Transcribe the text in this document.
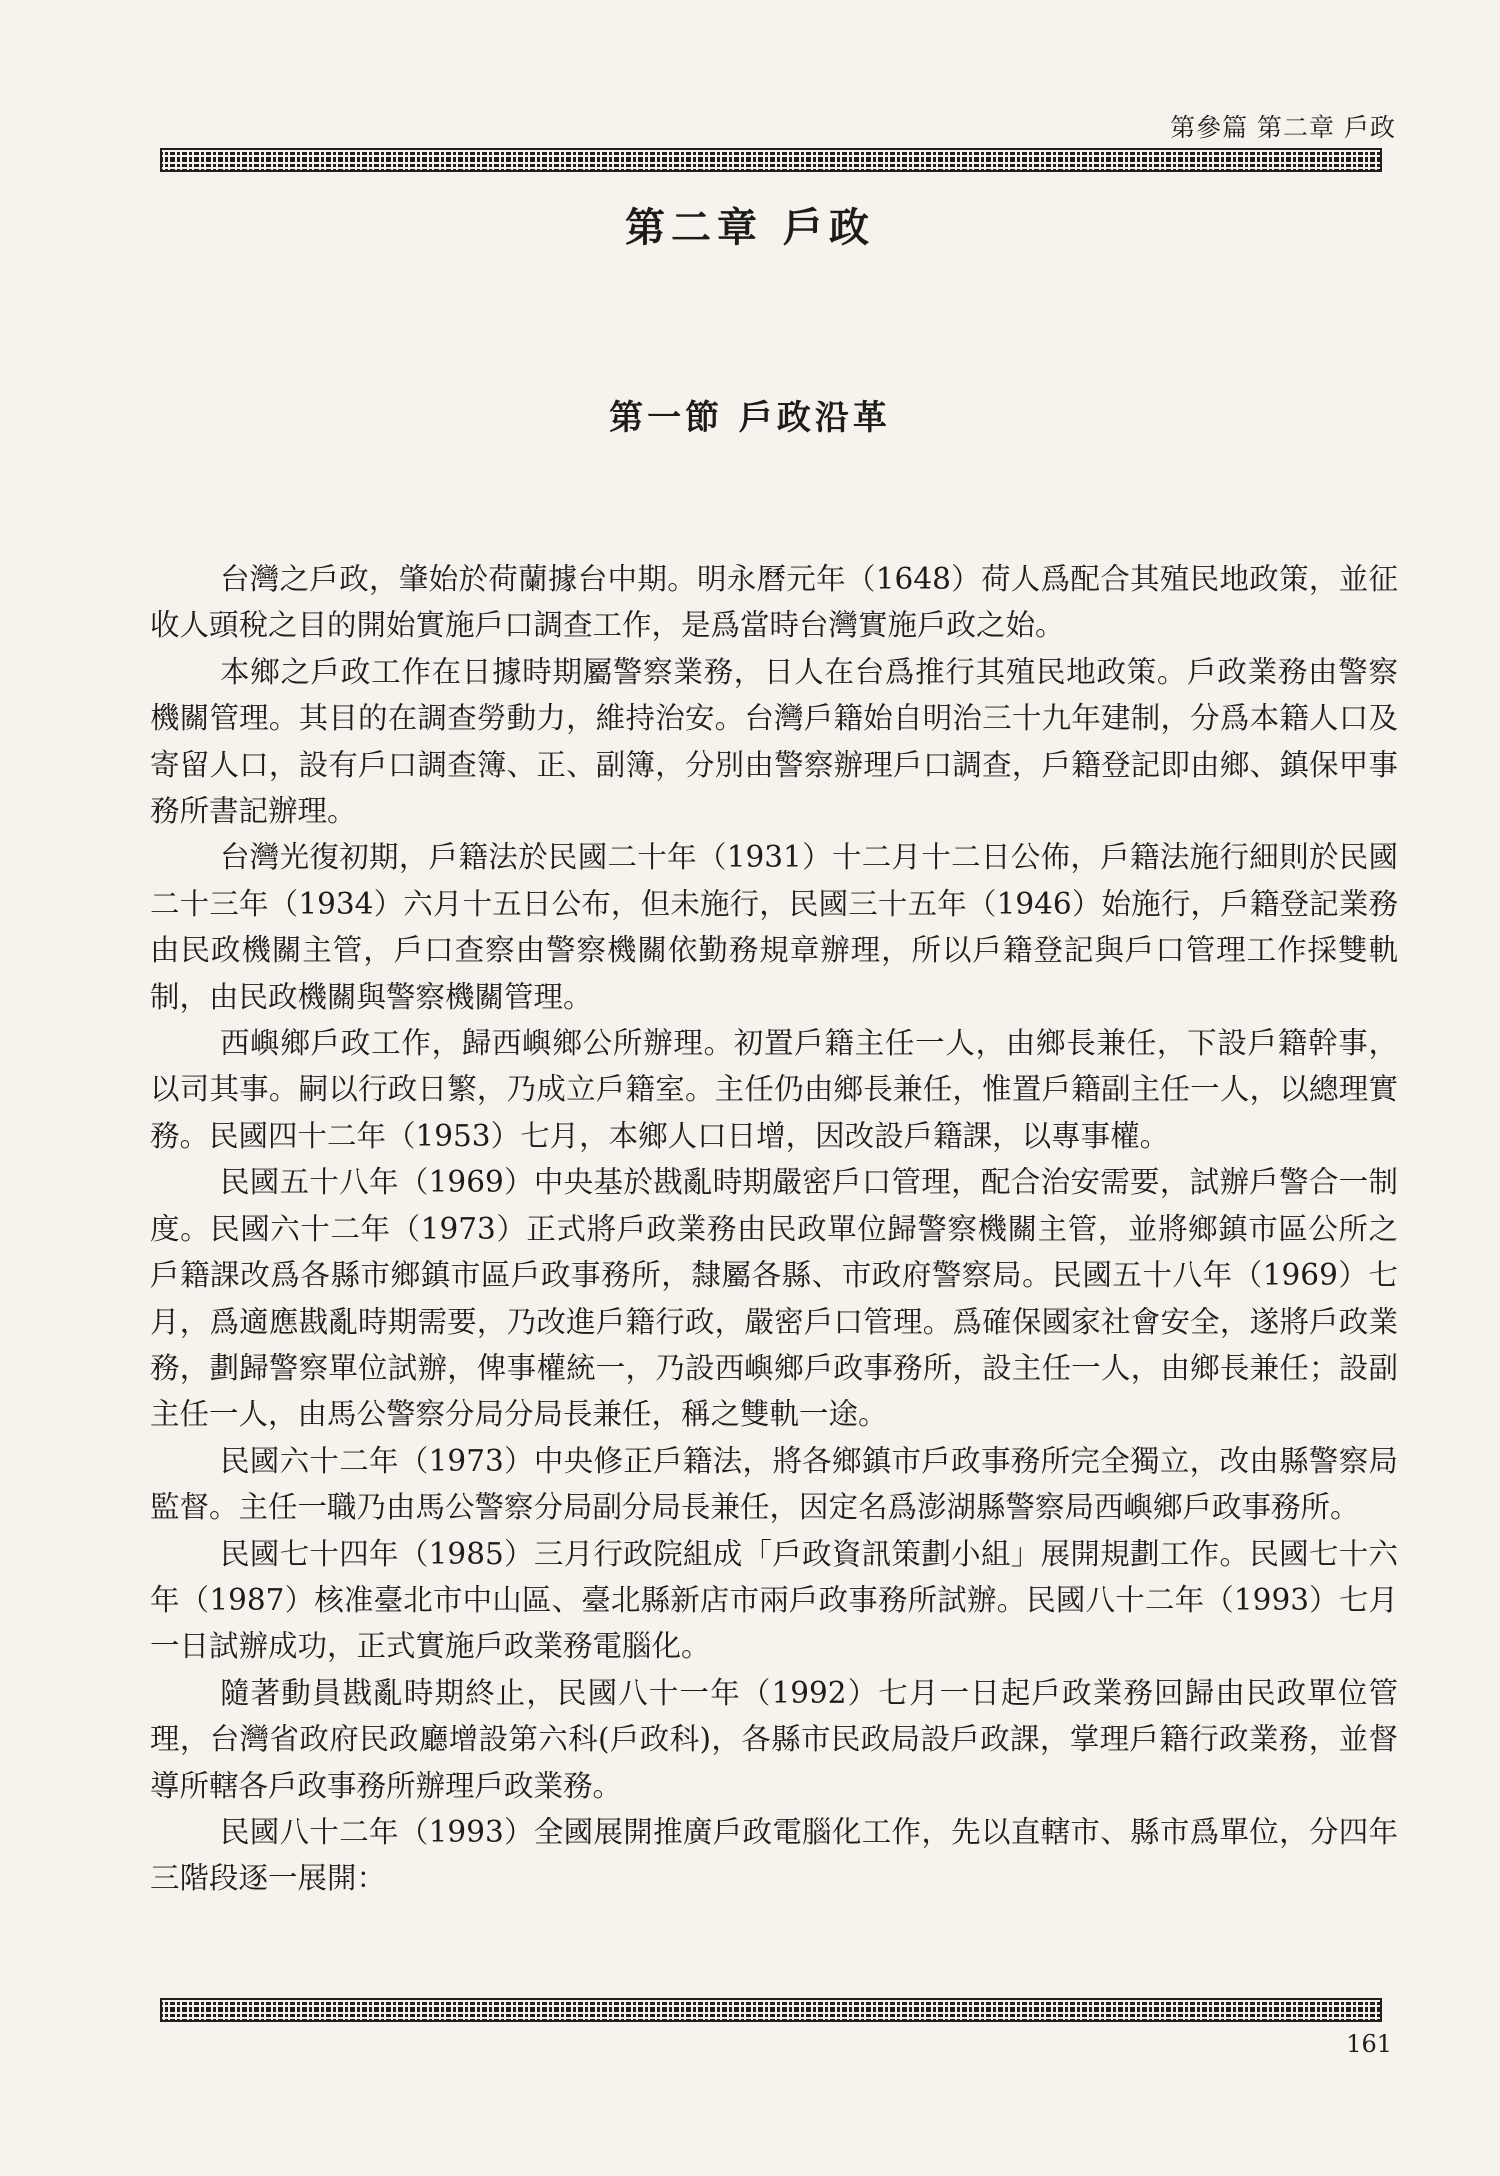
第參篇 第二章 戶政
第二章 戶政
第一節 戶政沿革

台灣之戶政，肇始於荷蘭據台中期。明永曆元年（1648）荷人爲配合其殖民地政策，並征收人頭稅之目的開始實施戶口調查工作，是爲當時台灣實施戶政之始。

本鄉之戶政工作在日據時期屬警察業務，日人在台爲推行其殖民地政策。戶政業務由警察機關管理。其目的在調查勞動力，維持治安。台灣戶籍始自明治三十九年建制，分爲本籍人口及寄留人口，設有戶口調查簿、正、副簿，分別由警察辦理戶口調查，戶籍登記即由鄉、鎮保甲事務所書記辦理。

台灣光復初期，戶籍法於民國二十年（1931）十二月十二日公佈，戶籍法施行細則於民國二十三年（1934）六月十五日公布，但未施行，民國三十五年（1946）始施行，戶籍登記業務由民政機關主管，戶口查察由警察機關依勤務規章辦理，所以戶籍登記與戶口管理工作採雙軌制，由民政機關與警察機關管理。

西嶼鄉戶政工作，歸西嶼鄉公所辦理。初置戶籍主任一人，由鄉長兼任，下設戶籍幹事，以司其事。嗣以行政日繁，乃成立戶籍室。主任仍由鄉長兼任，惟置戶籍副主任一人，以總理實務。民國四十二年（1953）七月，本鄉人口日增，因改設戶籍課，以專事權。

民國五十八年（1969）中央基於戡亂時期嚴密戶口管理，配合治安需要，試辦戶警合一制度。民國六十二年（1973）正式將戶政業務由民政單位歸警察機關主管，並將鄉鎮市區公所之戶籍課改爲各縣市鄉鎮市區戶政事務所，隸屬各縣、市政府警察局。民國五十八年（1969）七月，爲適應戡亂時期需要，乃改進戶籍行政，嚴密戶口管理。爲確保國家社會安全，遂將戶政業務，劃歸警察單位試辦，俾事權統一，乃設西嶼鄉戶政事務所，設主任一人，由鄉長兼任；設副主任一人，由馬公警察分局分局長兼任，稱之雙軌一途。

民國六十二年（1973）中央修正戶籍法，將各鄉鎮市戶政事務所完全獨立，改由縣警察局監督。主任一職乃由馬公警察分局副分局長兼任，因定名爲澎湖縣警察局西嶼鄉戶政事務所。

民國七十四年（1985）三月行政院組成「戶政資訊策劃小組」展開規劃工作。民國七十六年（1987）核准臺北市中山區、臺北縣新店市兩戶政事務所試辦。民國八十二年（1993）七月一日試辦成功，正式實施戶政業務電腦化。

隨著動員戡亂時期終止，民國八十一年（1992）七月一日起戶政業務回歸由民政單位管理，台灣省政府民政廳增設第六科(戶政科)，各縣市民政局設戶政課，掌理戶籍行政業務，並督導所轄各戶政事務所辦理戶政業務。

民國八十二年（1993）全國展開推廣戶政電腦化工作，先以直轄市、縣市爲單位，分四年三階段逐一展開：

161
